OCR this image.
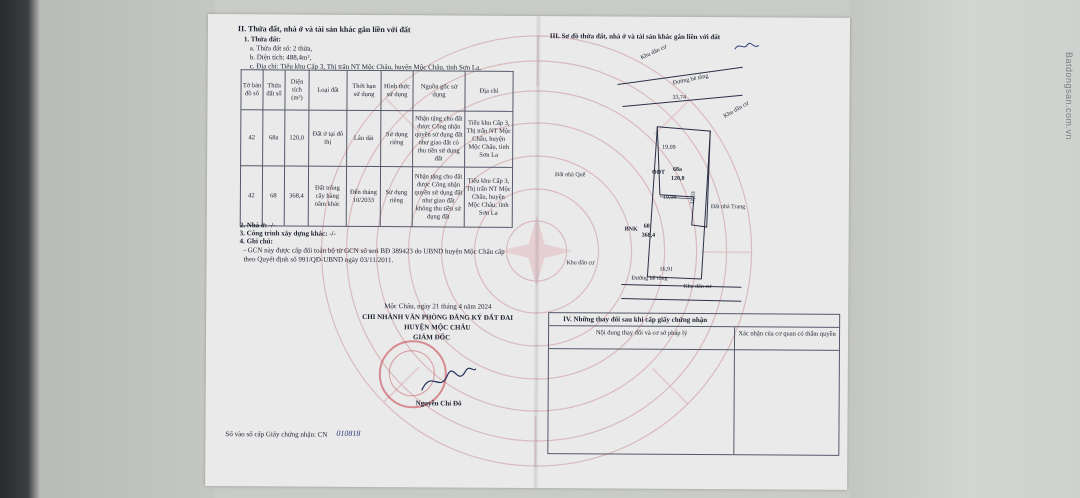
Batdongsan.com.vn
II. Thửa đất, nhà ở và tài sản khác gắn liền với đất
1. Thửa đất:
a. Thửa đất số: 2 thửa,
b. Diện tích: 488,4m²,
c. Địa chỉ: Tiểu khu Cấp 3, Thị trấn NT Mộc Châu, huyện Mộc Châu, tỉnh Sơn La.
Tờ bản đồ số	Thửa đất số	Diện tích (m²)	Loại đất	Thời hạn sử dụng	Hình thức sử dụng	Nguồn gốc sử dụng	Địa chỉ
42	68a	120,0	Đất ở tại đô thị	Lâu dài	Sử dụng riêng	Nhận tặng cho đất được Công nhận quyền sử dụng đất như giao đất có thu tiền sử dụng đất	Tiểu khu Cấp 3, Thị trấn NT Mộc Châu, huyện Mộc Châu, tỉnh Sơn La
42	68	368,4	Đất trồng cây hàng năm khác	Đến tháng 10/2033	Sử dụng riêng	Nhận tặng cho đất được Công nhận quyền sử dụng đất như giao đất không thu tiền sử dụng đất	Tiểu khu Cấp 3, Thị trấn NT Mộc Châu, huyện Mộc Châu, tỉnh Sơn La
2. Nhà ở: -/-
3. Công trình xây dựng khác: -/-
4. Ghi chú:
- GCN này được cấp đổi toàn bộ từ GCN số seri BĐ 389423 do UBND huyện Mộc Châu cấp
theo Quyết định số 991/QĐ-UBND ngày 03/11/2011.
Mộc Châu, ngày 21 tháng 4 năm 2024
CHI NHÁNH VĂN PHÒNG ĐĂNG KÝ ĐẤT ĐAI
HUYỆN MỘC CHÂU
GIÁM ĐỐC
Nguyễn Chí Đô
Số vào sổ cấp Giấy chứng nhận: CN 010818
III. Sơ đồ thửa đất, nhà ở và tài sản khác gắn liền với đất
Khu dân cư
Đường bê tông
33,74
Khu dân cư
19,09
ODT 68a
120,0
Đất nhà Quế
19,09 11,63
Đất nhà Trang
BNK 68
368,4
16,91
Khu dân cư
Đường bê tông
Khu dân cư
IV. Những thay đổi sau khi cấp giấy chứng nhận
Nội dung thay đổi và cơ sở pháp lý	Xác nhận của cơ quan có thẩm quyền
